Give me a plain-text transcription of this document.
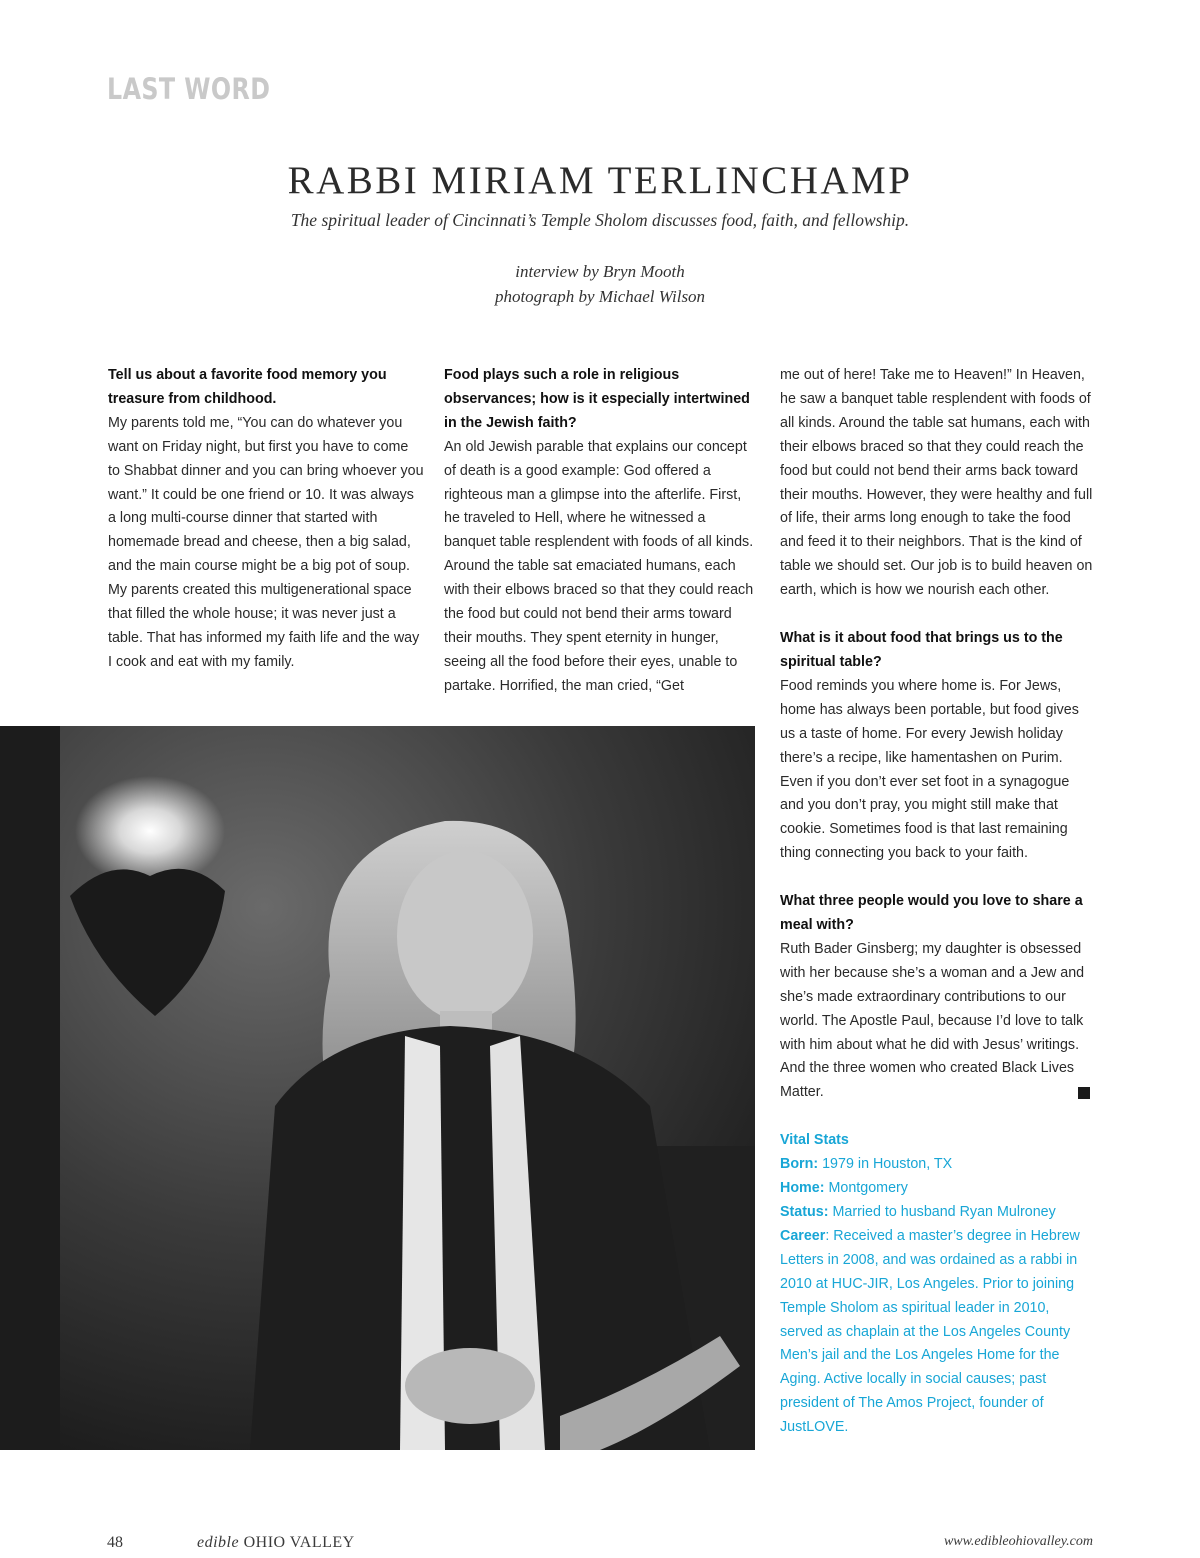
LAST WORD
RABBI MIRIAM TERLINCHAMP
The spiritual leader of Cincinnati’s Temple Sholom discusses food, faith, and fellowship.
interview by Bryn Mooth
photograph by Michael Wilson

Tell us about a favorite food memory you treasure from childhood.

My parents told me, “You can do whatever you want on Friday night, but first you have to come to Shabbat dinner and you can bring whoever you want.” It could be one friend or 10. It was always a long multi-course dinner that started with homemade bread and cheese, then a big salad, and the main course might be a big pot of soup. My parents created this multigenerational space that filled the whole house; it was never just a table. That has informed my faith life and the way I cook and eat with my family.

Food plays such a role in religious observances; how is it especially intertwined in the Jewish faith?

An old Jewish parable that explains our concept of death is a good example: God offered a righteous man a glimpse into the afterlife. First, he traveled to Hell, where he witnessed a banquet table resplendent with foods of all kinds. Around the table sat emaciated humans, each with their elbows braced so that they could reach the food but could not bend their arms toward their mouths. They spent eternity in hunger, seeing all the food before their eyes, unable to partake. Horrified, the man cried, “Get

me out of here! Take me to Heaven!” In Heaven, he saw a banquet table resplendent with foods of all kinds. Around the table sat humans, each with their elbows braced so that they could reach the food but could not bend their arms back toward their mouths. However, they were healthy and full of life, their arms long enough to take the food and feed it to their neighbors. That is the kind of table we should set. Our job is to build heaven on earth, which is how we nourish each other.

What is it about food that brings us to the spiritual table?

Food reminds you where home is. For Jews, home has always been portable, but food gives us a taste of home. For every Jewish holiday there’s a recipe, like hamentashen on Purim. Even if you don’t ever set foot in a synagogue and you don’t pray, you might still make that cookie. Sometimes food is that last remaining thing connecting you back to your faith.

What three people would you love to share a meal with?

Ruth Bader Ginsberg; my daughter is obsessed with her because she’s a woman and a Jew and she’s made extraordinary contributions to our world. The Apostle Paul, because I’d love to talk with him about what he did with Jesus’ writings. And the three women who created Black Lives Matter.

Vital Stats

Born: 1979 in Houston, TX

Home: Montgomery

Status: Married to husband Ryan Mulroney

Career: Received a master’s degree in Hebrew Letters in 2008, and was ordained as a rabbi in 2010 at HUC-JIR, Los Angeles. Prior to joining Temple Sholom as spiritual leader in 2010, served as chaplain at the Los Angeles County Men’s jail and the Los Angeles Home for the Aging. Active locally in social causes; past president of The Amos Project, founder of JustLOVE.

48	edible OHIO VALLEY	www.edibleohiovalley.com
